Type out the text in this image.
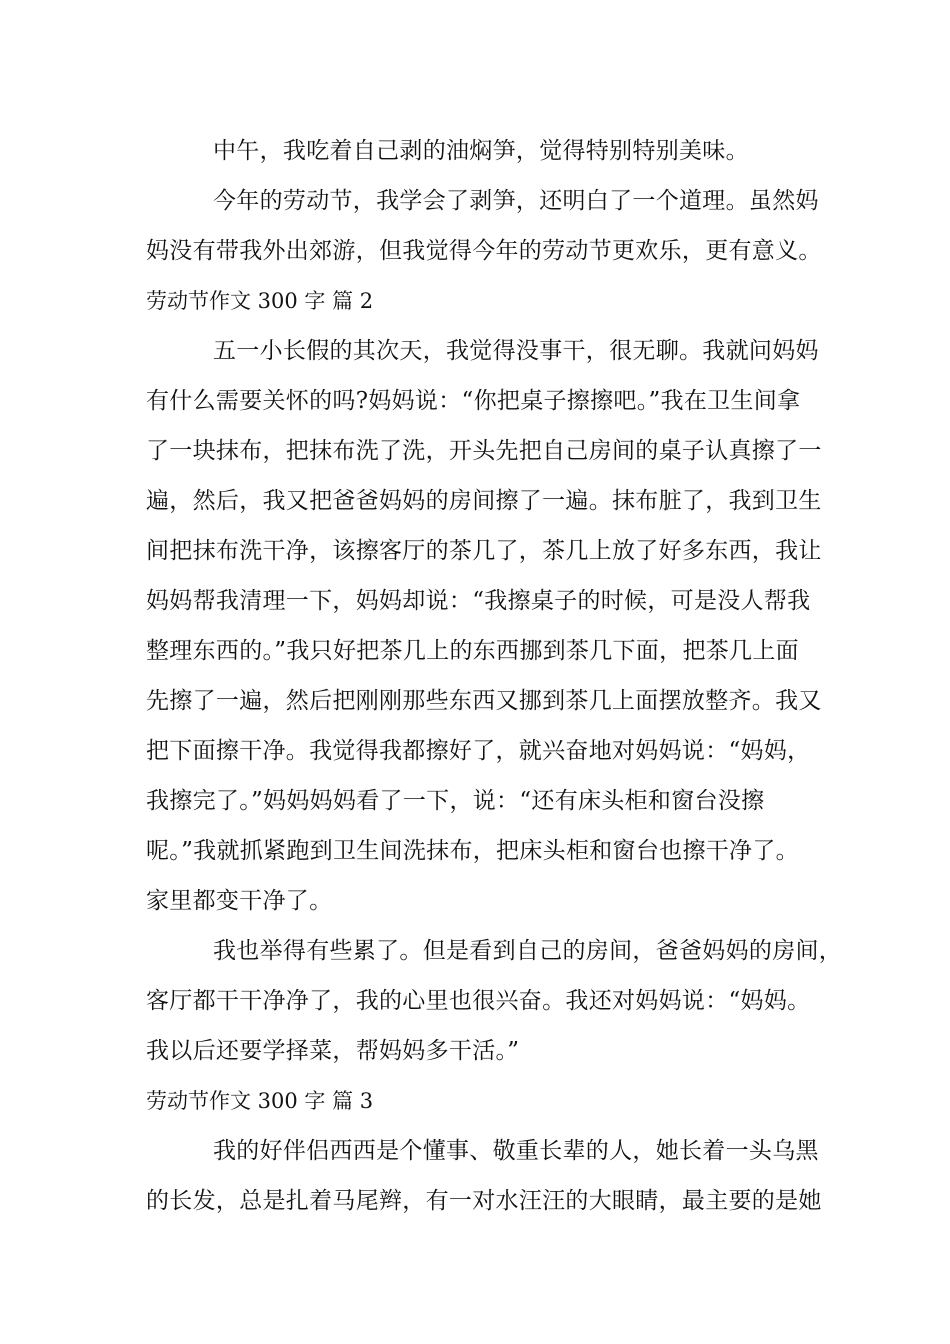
中午，我吃着自己剥的油焖笋，觉得特别特别美味。
今年的劳动节，我学会了剥笋，还明白了一个道理。虽然妈
妈没有带我外出郊游，但我觉得今年的劳动节更欢乐，更有意义。
劳动节作文 300 字 篇 2
五一小长假的其次天，我觉得没事干，很无聊。我就问妈妈
有什么需要关怀的吗?妈妈说：“你把桌子擦擦吧。”我在卫生间拿
了一块抹布，把抹布洗了洗，开头先把自己房间的桌子认真擦了一
遍，然后，我又把爸爸妈妈的房间擦了一遍。抹布脏了，我到卫生
间把抹布洗干净，该擦客厅的茶几了，茶几上放了好多东西，我让
妈妈帮我清理一下，妈妈却说：“我擦桌子的时候，可是没人帮我
整理东西的。”我只好把茶几上的东西挪到茶几下面，把茶几上面
先擦了一遍，然后把刚刚那些东西又挪到茶几上面摆放整齐。我又
把下面擦干净。我觉得我都擦好了，就兴奋地对妈妈说：“妈妈，
我擦完了。”妈妈妈妈看了一下，说：“还有床头柜和窗台没擦
呢。”我就抓紧跑到卫生间洗抹布，把床头柜和窗台也擦干净了。
家里都变干净了。
我也举得有些累了。但是看到自己的房间，爸爸妈妈的房间，
客厅都干干净净了，我的心里也很兴奋。我还对妈妈说：“妈妈。
我以后还要学择菜，帮妈妈多干活。”
劳动节作文 300 字 篇 3
我的好伴侣西西是个懂事、敬重长辈的人，她长着一头乌黑
的长发，总是扎着马尾辫，有一对水汪汪的大眼睛，最主要的是她
